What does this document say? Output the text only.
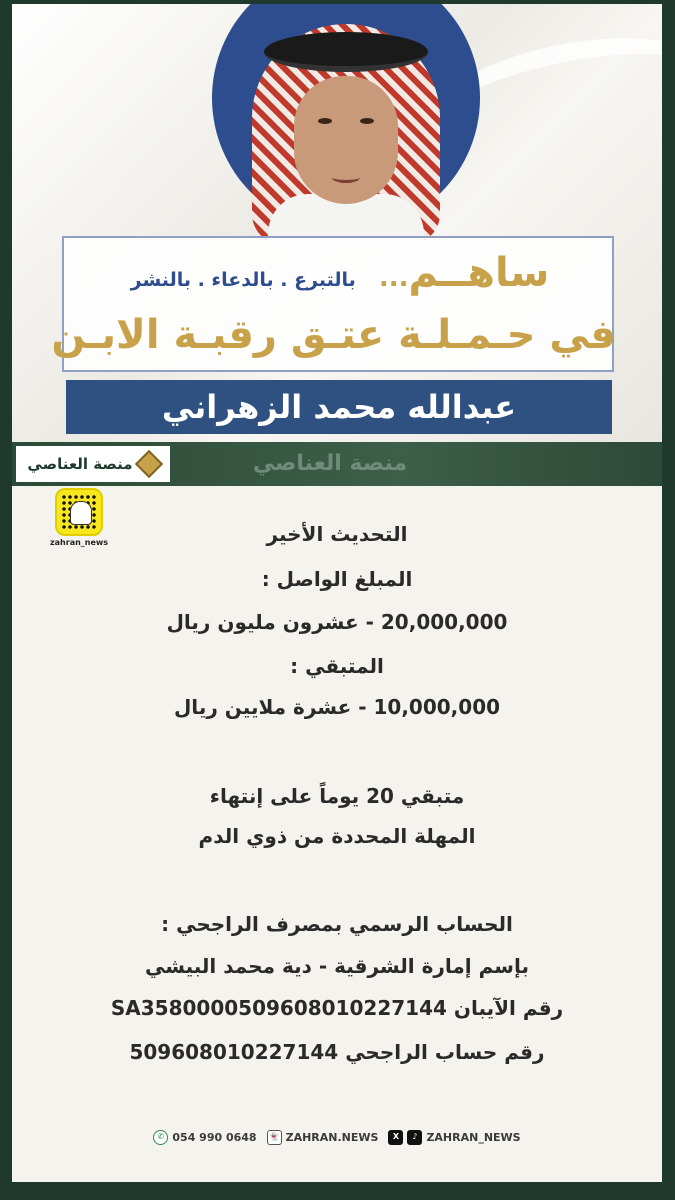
ساهــم... بالتبرع . بالدعاء . بالنشر
في حـمـلـة عتـق رقبـة الابـن
عبدالله محمد الزهراني
منصة العناصي	منصة العناصي
zahran_news	التحديث الأخير
المبلغ الواصل :
20,000,000 - عشرون مليون ريال
المتبقي :
10,000,000 - عشرة ملايين ريال
متبقي 20 يوماً على إنتهاء
المهلة المحددة من ذوي الدم
الحساب الرسمي بمصرف الراجحي :
بإسم إمارة الشرقية - دية محمد البيشي
رقم الآيبان SA3580000509608010227144
رقم حساب الراجحي 509608010227144
✆ 054 990 0648	👻 ZAHRAN.NEWS	X	♪ ZAHRAN_NEWS
